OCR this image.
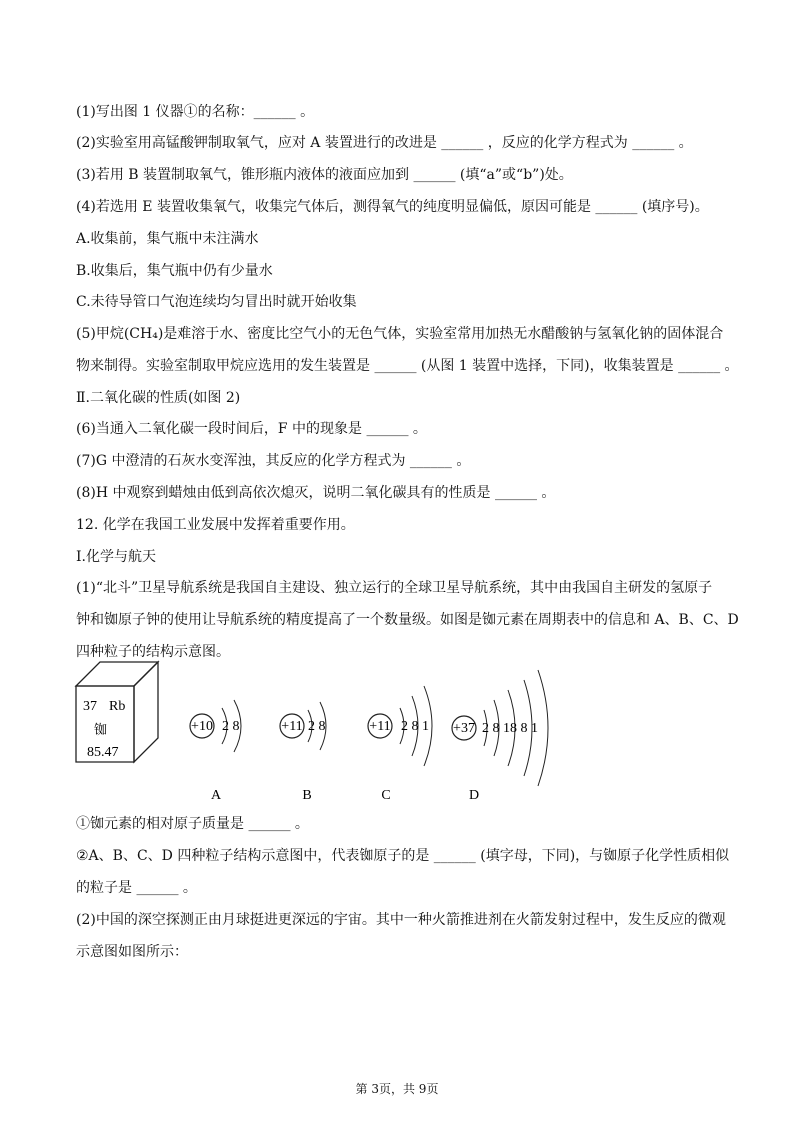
(1)写出图 1 仪器①的名称：______ 。
(2)实验室用高锰酸钾制取氧气，应对 A 装置进行的改进是 ______ ，反应的化学方程式为 ______ 。
(3)若用 B 装置制取氧气，锥形瓶内液体的液面应加到 ______ (填“a”或“b”)处。
(4)若选用 E 装置收集氧气，收集完气体后，测得氧气的纯度明显偏低，原因可能是 ______ (填序号)。
A.收集前，集气瓶中未注满水
B.收集后，集气瓶中仍有少量水
C.未待导管口气泡连续均匀冒出时就开始收集
(5)甲烷(CH₄)是难溶于水、密度比空气小的无色气体，实验室常用加热无水醋酸钠与氢氧化钠的固体混合
物来制得。实验室制取甲烷应选用的发生装置是 ______ (从图 1 装置中选择，下同)，收集装置是 ______ 。
Ⅱ.二氧化碳的性质(如图 2)
(6)当通入二氧化碳一段时间后，F 中的现象是 ______ 。
(7)G 中澄清的石灰水变浑浊，其反应的化学方程式为 ______ 。
(8)H 中观察到蜡烛由低到高依次熄灭，说明二氧化碳具有的性质是 ______ 。
12. 化学在我国工业发展中发挥着重要作用。
Ⅰ.化学与航天
(1)“北斗”卫星导航系统是我国自主建设、独立运行的全球卫星导航系统，其中由我国自主研发的氢原子
钟和铷原子钟的使用让导航系统的精度提高了一个数量级。如图是铷元素在周期表中的信息和 A、B、C、D
四种粒子的结构示意图。
①铷元素的相对原子质量是 ______ 。
②A、B、C、D 四种粒子结构示意图中，代表铷原子的是 ______ (填字母，下同)，与铷原子化学性质相似
的粒子是 ______ 。
(2)中国的深空探测正由月球挺进更深远的宇宙。其中一种火箭推进剂在火箭发射过程中，发生反应的微观
示意图如图所示：
37 Rb
铷
85.47
+10 2 8
A
+11 2 8
B
+11 2 8 1
C
+37 2 8 18 8 1
D
第 3页，共 9页
